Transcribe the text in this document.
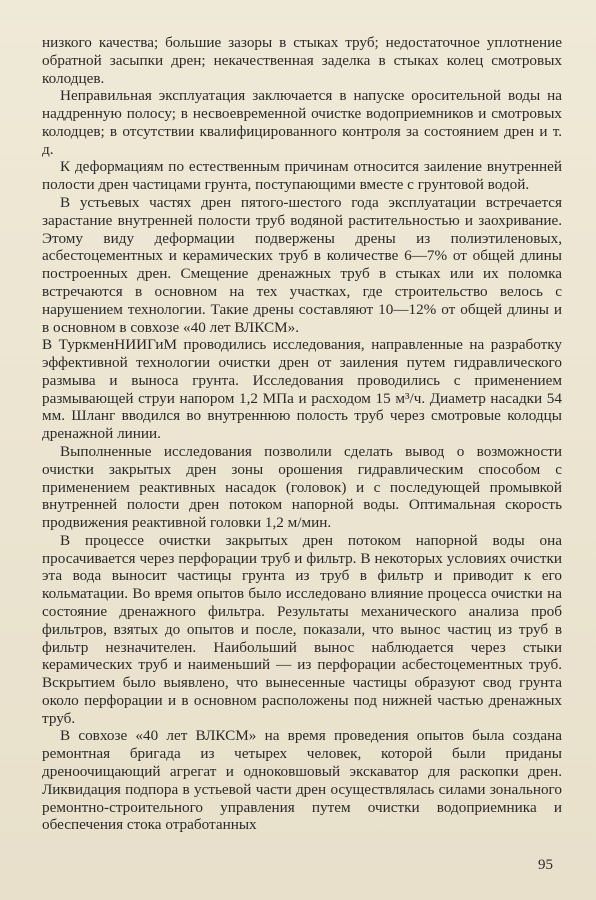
низкого качества; большие зазоры в стыках труб; недостаточное уплотнение обратной засыпки дрен; некачественная заделка в стыках колец смотровых колодцев.

Неправильная эксплуатация заключается в напуске оросительной воды на наддренную полосу; в несвоевременной очистке водоприемников и смотровых колодцев; в отсутствии квалифицированного контроля за состоянием дрен и т. д.

К деформациям по естественным причинам относится заиление внутренней полости дрен частицами грунта, поступающими вместе с грунтовой водой.

В устьевых частях дрен пятого-шестого года эксплуатации встречается зарастание внутренней полости труб водяной растительностью и заохривание. Этому виду деформации подвержены дрены из полиэтиленовых, асбестоцементных и керамических труб в количестве 6—7% от общей длины построенных дрен. Смещение дренажных труб в стыках или их поломка встречаются в основном на тех участках, где строительство велось с нарушением технологии. Такие дрены составляют 10—12% от общей длины и в основном в совхозе «40 лет ВЛКСМ».

В ТуркменНИИГиМ проводились исследования, направленные на разработку эффективной технологии очистки дрен от заиления путем гидравлического размыва и выноса грунта. Исследования проводились с применением размывающей струи напором 1,2 МПа и расходом 15 м³/ч. Диаметр насадки 54 мм. Шланг вводился во внутреннюю полость труб через смотровые колодцы дренажной линии.

Выполненные исследования позволили сделать вывод о возможности очистки закрытых дрен зоны орошения гидравлическим способом с применением реактивных насадок (головок) и с последующей промывкой внутренней полости дрен потоком напорной воды. Оптимальная скорость продвижения реактивной головки 1,2 м/мин.

В процессе очистки закрытых дрен потоком напорной воды она просачивается через перфорации труб и фильтр. В некоторых условиях очистки эта вода выносит частицы грунта из труб в фильтр и приводит к его кольматации. Во время опытов было исследовано влияние процесса очистки на состояние дренажного фильтра. Результаты механического анализа проб фильтров, взятых до опытов и после, показали, что вынос частиц из труб в фильтр незначителен. Наибольший вынос наблюдается через стыки керамических труб и наименьший — из перфорации асбестоцементных труб. Вскрытием было выявлено, что вынесенные частицы образуют свод грунта около перфорации и в основном расположены под нижней частью дренажных труб.

В совхозе «40 лет ВЛКСМ» на время проведения опытов была создана ремонтная бригада из четырех человек, которой были приданы дреноочищающий агрегат и одноковшовый экскаватор для раскопки дрен. Ликвидация подпора в устьевой части дрен осуществлялась силами зонального ремонтно-строительного управления путем очистки водоприемника и обеспечения стока отработанных

95
